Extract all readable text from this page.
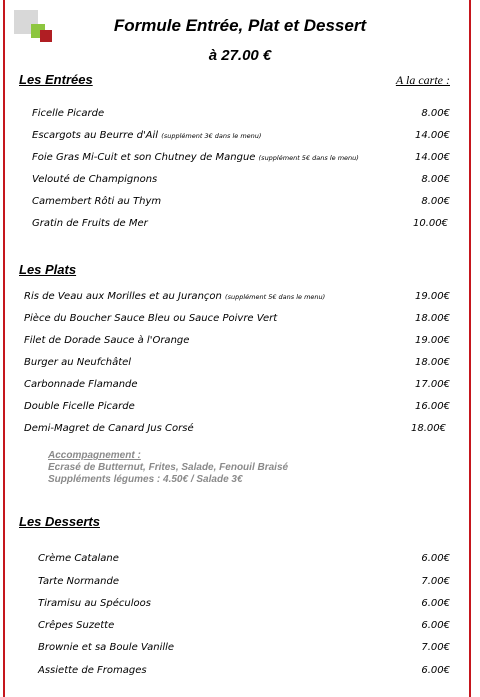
Formule Entrée, Plat et Dessert
à 27.00 €
Les Entrées	A la carte :
Ficelle Picarde	8.00€
Escargots au Beurre d'Ail (supplément 3€ dans le menu)	14.00€
Foie Gras Mi-Cuit et son Chutney de Mangue (supplément 5€ dans le menu)	14.00€
Velouté de Champignons	8.00€
Camembert Rôti au Thym	8.00€
Gratin de Fruits de Mer	10.00€
Les Plats
Ris de Veau aux Morilles et au Jurançon (supplément 5€ dans le menu)	19.00€
Pièce du Boucher Sauce Bleu ou Sauce Poivre Vert	18.00€
Filet de Dorade Sauce à l'Orange	19.00€
Burger au Neufchâtel	18.00€
Carbonnade Flamande	17.00€
Double Ficelle Picarde	16.00€
Demi-Magret de Canard Jus Corsé	18.00€
Accompagnement :
Ecrasé de Butternut, Frites, Salade, Fenouil Braisé
Suppléments légumes : 4.50€ / Salade 3€
Les Desserts
Crème Catalane	6.00€
Tarte Normande	7.00€
Tiramisu au Spéculoos	6.00€
Crêpes Suzette	6.00€
Brownie et sa Boule Vanille	7.00€
Assiette de Fromages	6.00€
